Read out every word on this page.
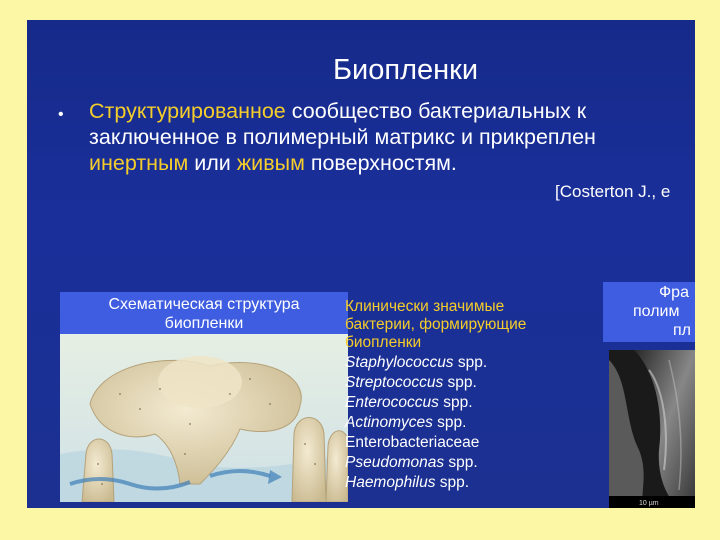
Биопленки
• Структурированное сообщество бактериальных к
заключенное в полимерный матрикс и прикреплен
инертным или живым поверхностям.
[Costerton J., e
Схематическая структура
биопленки
Клинически значимые
бактерии, формирующие
биопленки
Staphylococcus spp.
Streptococcus spp.
Enterococcus spp.
Actinomyces spp.
Enterobacteriaceae
Pseudomonas spp.
Haemophilus spp.
Фра
полим
пл
10 µm
